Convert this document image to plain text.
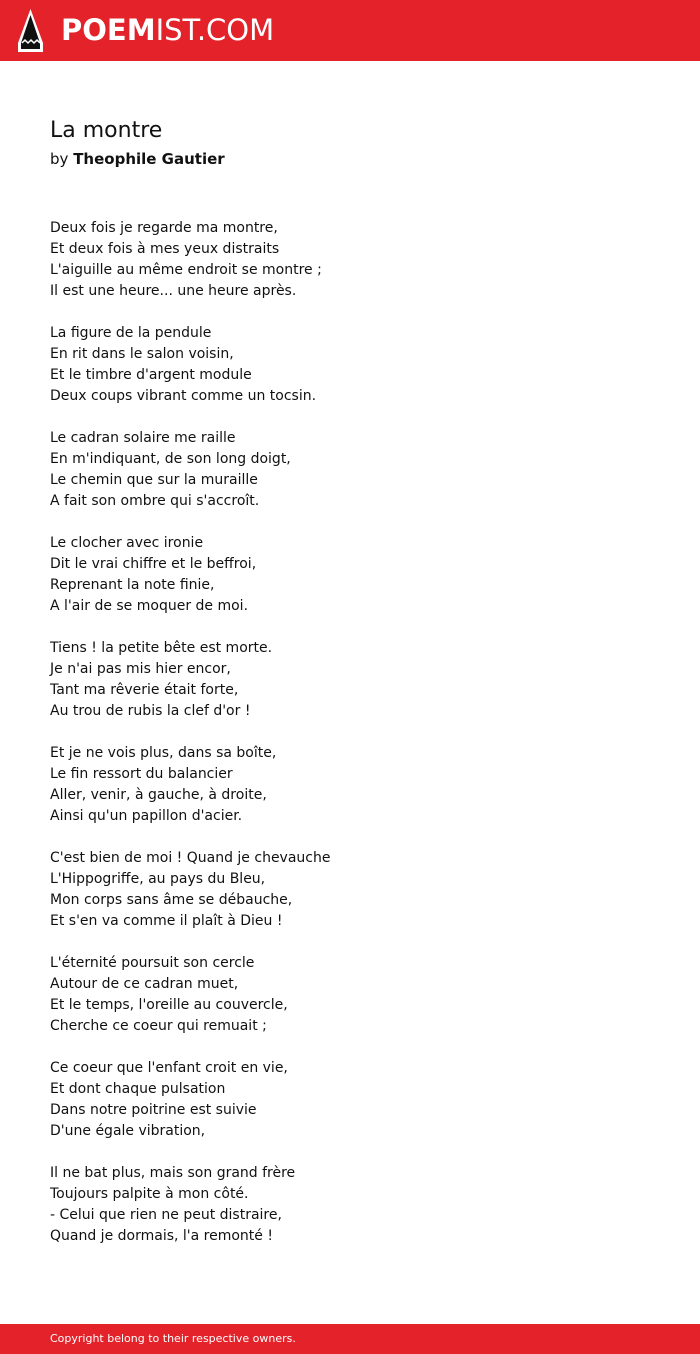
POEMIST.COM
La montre
by Theophile Gautier
Deux fois je regarde ma montre,
Et deux fois à mes yeux distraits
L'aiguille au même endroit se montre ;
Il est une heure... une heure après.
La figure de la pendule
En rit dans le salon voisin,
Et le timbre d'argent module
Deux coups vibrant comme un tocsin.
Le cadran solaire me raille
En m'indiquant, de son long doigt,
Le chemin que sur la muraille
A fait son ombre qui s'accroît.
Le clocher avec ironie
Dit le vrai chiffre et le beffroi,
Reprenant la note finie,
A l'air de se moquer de moi.
Tiens ! la petite bête est morte.
Je n'ai pas mis hier encor,
Tant ma rêverie était forte,
Au trou de rubis la clef d'or !
Et je ne vois plus, dans sa boîte,
Le fin ressort du balancier
Aller, venir, à gauche, à droite,
Ainsi qu'un papillon d'acier.
C'est bien de moi ! Quand je chevauche
L'Hippogriffe, au pays du Bleu,
Mon corps sans âme se débauche,
Et s'en va comme il plaît à Dieu !
L'éternité poursuit son cercle
Autour de ce cadran muet,
Et le temps, l'oreille au couvercle,
Cherche ce coeur qui remuait ;
Ce coeur que l'enfant croit en vie,
Et dont chaque pulsation
Dans notre poitrine est suivie
D'une égale vibration,
Il ne bat plus, mais son grand frère
Toujours palpite à mon côté.
- Celui que rien ne peut distraire,
Quand je dormais, l'a remonté !
Copyright belong to their respective owners.
